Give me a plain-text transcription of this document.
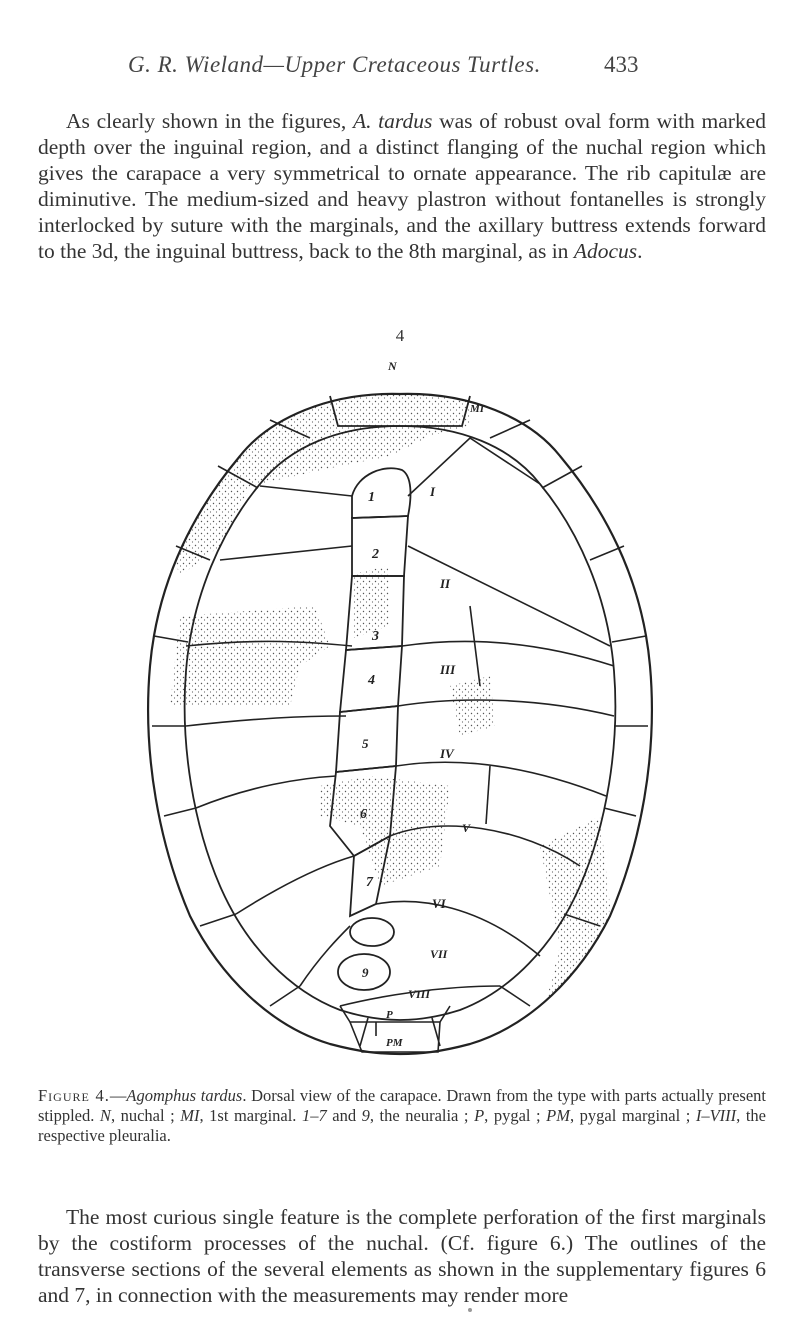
G. R. Wieland—Upper Cretaceous Turtles.	433

As clearly shown in the figures, A. tardus was of robust oval form with marked depth over the inguinal region, and a distinct flanging of the nuchal region which gives the carapace a very symmetrical to ornate appearance. The rib capitulæ are diminutive. The medium-sized and heavy plastron without fontanelles is strongly interlocked by suture with the marginals, and the axillary buttress extends forward to the 3d, the inguinal buttress, back to the 8th marginal, as in Adocus.

4
N
MI
1
2
3
4
5
6
7
9
I
II
III
IV
V
VI
VII
VIII
P
PM

Figure 4.—Agomphus tardus. Dorsal view of the carapace. Drawn from the type with parts actually present stippled. N, nuchal ; MI, 1st marginal. 1–7 and 9, the neuralia ; P, pygal ; PM, pygal marginal ; I–VIII, the respective pleuralia.

The most curious single feature is the complete perforation of the first marginals by the costiform processes of the nuchal. (Cf. figure 6.) The outlines of the transverse sections of the several elements as shown in the supplementary figures 6 and 7, in connection with the measurements may render more
